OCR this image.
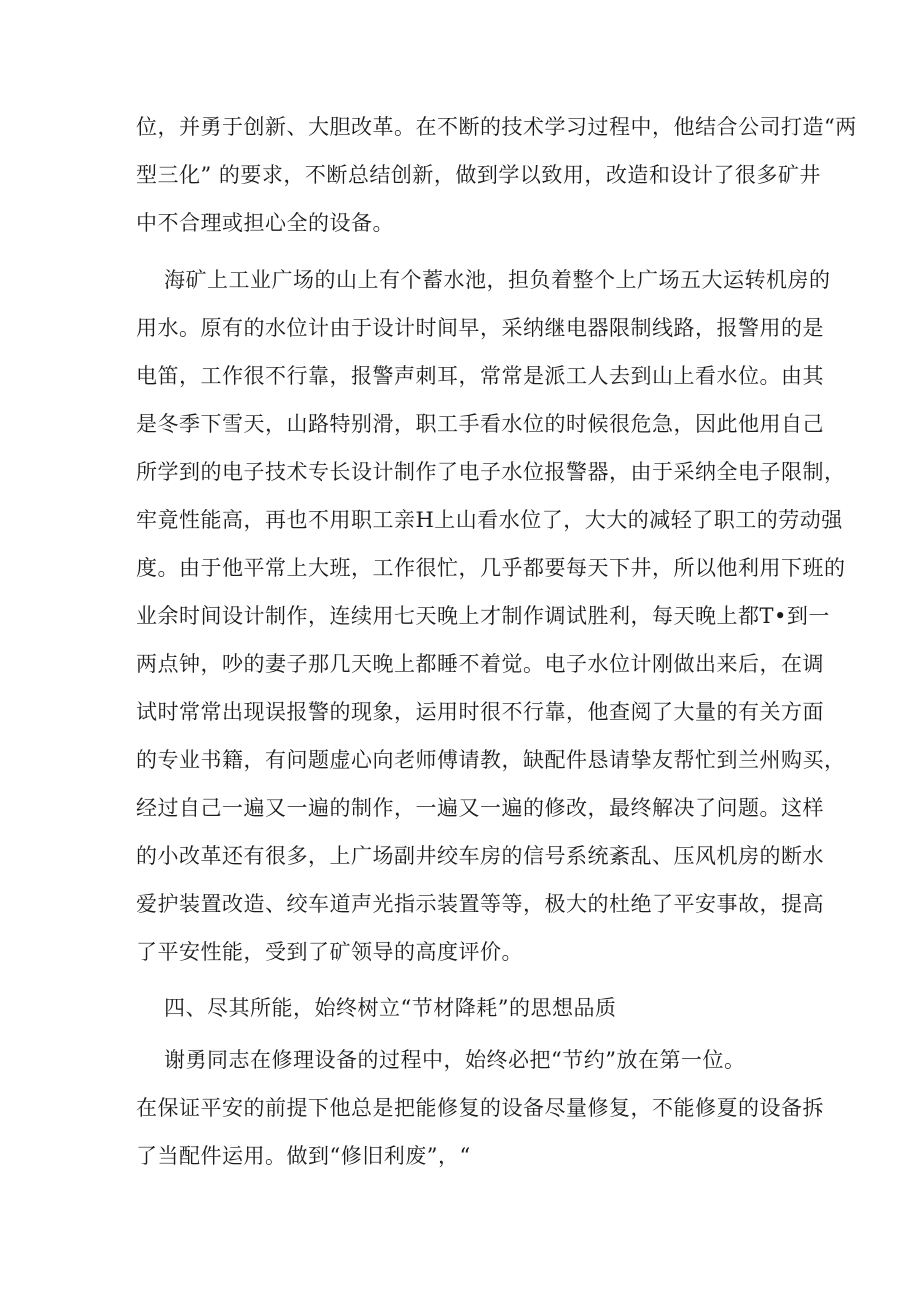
位，并勇于创新、大胆改革。在不断的技术学习过程中，他结合公司打造“两
型三化” 的要求，不断总结创新，做到学以致用，改造和设计了很多矿井
中不合理或担心全的设备。
海矿上工业广场的山上有个蓄水池，担负着整个上广场五大运转机房的
用水。原有的水位计由于设计时间早，采纳继电器限制线路，报警用的是
电笛，工作很不行靠，报警声刺耳，常常是派工人去到山上看水位。由其
是冬季下雪天，山路特别滑，职工手看水位的时候很危急，因此他用自己
所学到的电子技术专长设计制作了电子水位报警器，由于采纳全电子限制，
牢竟性能高，再也不用职工亲H上山看水位了，大大的减轻了职工的劳动强
度。由于他平常上大班，工作很忙，几乎都要每天下井，所以他利用下班的
业余时间设计制作，连续用七天晚上才制作调试胜利，每天晚上都T•到一
两点钟，吵的妻子那几天晚上都睡不着觉。电子水位计刚做出来后，在调
试时常常出现误报警的现象，运用时很不行靠，他查阅了大量的有关方面
的专业书籍，有问题虚心向老师傅请教，缺配件恳请挚友帮忙到兰州购买，
经过自己一遍又一遍的制作，一遍又一遍的修改，最终解决了问题。这样
的小改革还有很多，上广场副井绞车房的信号系统紊乱、压风机房的断水
爱护装置改造、绞车道声光指示装置等等，极大的杜绝了平安事故，提高
了平安性能，受到了矿领导的高度评价。
四、尽其所能，始终树立“节材降耗”的思想品质
谢勇同志在修理设备的过程中，始终必把“节约”放在第一位。
在保证平安的前提下他总是把能修复的设备尽量修复，不能修夏的设备拆
了当配件运用。做到“修旧利废”，“
